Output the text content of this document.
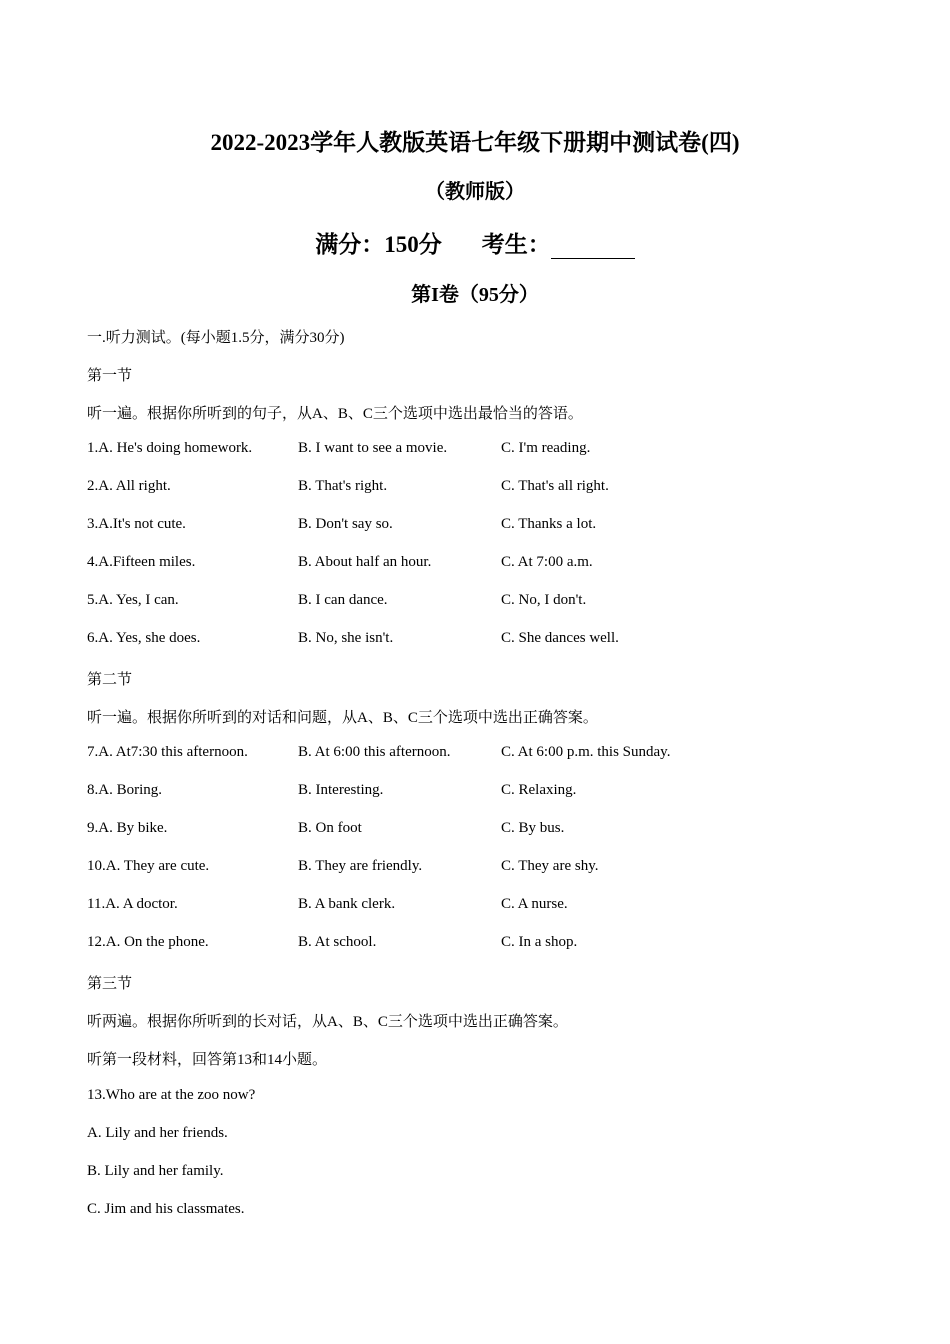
2022-2023学年人教版英语七年级下册期中测试卷(四)
（教师版）
满分：150分 考生：
第I卷（95分）
一.听力测试。(每小题1.5分，满分30分)
第一节
听一遍。根据你所听到的句子，从A、B、C三个选项中选出最恰当的答语。
1.A. He's doing homework.	B. I want to see a movie.	C. I'm reading.
2.A. All right.	B. That's right.	C. That's all right.
3.A.It's not cute.	B. Don't say so.	C. Thanks a lot.
4.A.Fifteen miles.	B. About half an hour.	C. At 7:00 a.m.
5.A. Yes, I can.	B. I can dance.	C. No, I don't.
6.A. Yes, she does.	B. No, she isn't.	C. She dances well.
第二节
听一遍。根据你所听到的对话和问题，从A、B、C三个选项中选出正确答案。
7.A. At7:30 this afternoon.	B. At 6:00 this afternoon.	C. At 6:00 p.m. this Sunday.
8.A. Boring.	B. Interesting.	C. Relaxing.
9.A. By bike.	B. On foot	C. By bus.
10.A. They are cute.	B. They are friendly.	C. They are shy.
11.A. A doctor.	B. A bank clerk.	C. A nurse.
12.A. On the phone.	B. At school.	C. In a shop.
第三节
听两遍。根据你所听到的长对话，从A、B、C三个选项中选出正确答案。
听第一段材料，回答第13和14小题。
13.Who are at the zoo now?
A. Lily and her friends.
B. Lily and her family.
C. Jim and his classmates.
